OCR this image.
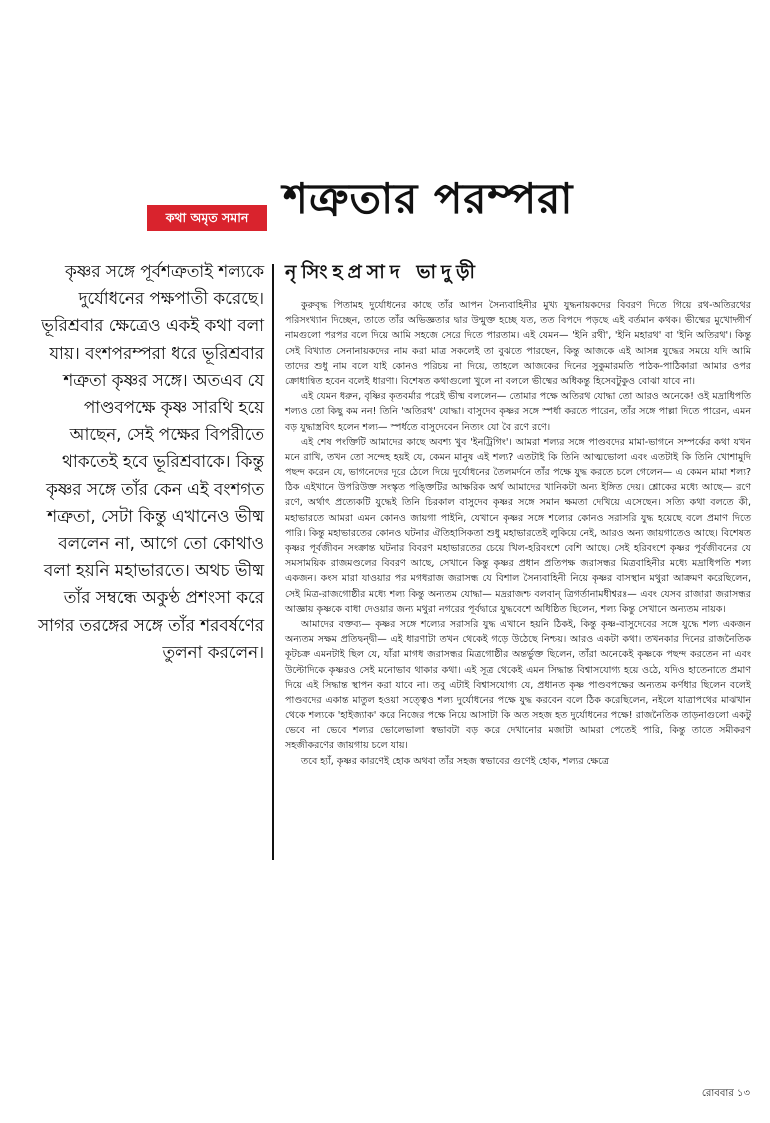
কথা অমৃত সমান শত্রুতার পরম্পরা
নৃসিংহপ্রসাদ ভাদুড়ী

কৃষ্ণর সঙ্গে পূর্বশত্রুতাই শল্যকে দুর্যোধনের পক্ষপাতী করেছে। ভূরিশ্রবার ক্ষেত্রেও একই কথা বলা যায়। বংশপরম্পরা ধরে ভূরিশ্রবার শত্রুতা কৃষ্ণর সঙ্গে। অতএব যে পাণ্ডবপক্ষে কৃষ্ণ সারথি হয়ে আছেন, সেই পক্ষের বিপরীতে থাকতেই হবে ভূরিশ্রবাকে। কিন্তু কৃষ্ণর সঙ্গে তাঁর কেন এই বংশগত শত্রুতা, সেটা কিন্তু এখানেও ভীষ্ম বললেন না, আগে তো কোথাও বলা হয়নি মহাভারতে। অথচ ভীষ্ম তাঁর সম্বন্ধে অকুণ্ঠ প্রশংসা করে সাগর তরঙ্গের সঙ্গে তাঁর শরবর্ষণের তুলনা করলেন।

কুরুবৃদ্ধ পিতামহ দুর্যোধনের কাছে তাঁর আপন সৈন্যবাহিনীর মুখ্য যুদ্ধনায়কদের বিবরণ দিতে গিয়ে রথ-অতিরথের পরিসংখ্যান দিচ্ছেন, তাতে তাঁর অভিজ্ঞতার দ্বার উন্মুক্ত হচ্ছে যত, তত বিপদে পড়ছে এই বর্তমান কথক। ভীষ্মের মুখোদ্গীর্ণ নামগুলো পরপর বলে দিয়ে আমি সহজে সেরে দিতে পারতাম। এই যেমন— 'ইনি রথী', 'ইনি মহারথ' বা 'ইনি অতিরথ'। কিন্তু সেই বিখ্যাত সেনানায়কদের নাম করা মাত্র সকলেই তা বুঝতে পারছেন, কিন্তু আজকে এই আসন্ন যুদ্ধের সময়ে যদি আমি তাদের শুধু নাম বলে যাই কোনও পরিচয় না দিয়ে, তাহলে আজকের দিনের সুকুমারমতি পাঠক-পাঠিকারা আমার ওপর ক্রোধান্বিত হবেন বলেই ধারণা। বিশেষত কথাগুলো খুলে না বললে ভীষ্মের অধিকন্তু হিসেবটুকুও বোঝা যাবে না।

এই যেমন ধরুন, বৃষ্ণির কৃতবর্মার পরেই ভীষ্ম বললেন— তোমার পক্ষে অতিরথ যোদ্ধা তো আরও অনেকে! ওই মদ্রাধিপতি শল্যও তো কিছু কম নন! তিনি 'অতিরথ' যোদ্ধা। বাসুদেব কৃষ্ণর সঙ্গে স্পর্ধা করতে পারেন, তাঁর সঙ্গে পাল্লা দিতে পারেন, এমন বড় যুদ্ধাস্ত্রবিৎ হলেন শল্য— স্পর্ধতে বাসুদেবেন নিত্যং যো বৈ রণে রণে।

এই শেষ পংক্তিটি আমাদের কাছে অবশ্য খুব 'ইনট্রিগিং'। আমরা শল্যর সঙ্গে পাণ্ডবদের মামা-ভাগনে সম্পর্কের কথা যখন মনে রাখি, তখন তো সন্দেহ হয়ই যে, কেমন মানুষ এই শল্য? এতটাই কি তিনি আত্মভোলা এবং এতটাই কি তিনি খোশামুদি পছন্দ করেন যে, ভাগনেদের দূরে ঠেলে দিয়ে দুর্যোধনের তৈলমর্দনে তাঁর পক্ষে যুদ্ধ করতে চলে গেলেন— এ কেমন মামা শল্য? ঠিক এইখানে উপরিউক্ত সংস্কৃত পঙ্ক্তিটির আক্ষরিক অর্থ আমাদের খানিকটা অন্য ইঙ্গিত দেয়। শ্লোকের মধ্যে আছে— রণে রণে, অর্থাৎ প্রত্যেকটি যুদ্ধেই তিনি চিরকাল বাসুদেব কৃষ্ণর সঙ্গে সমান ক্ষমতা দেখিয়ে এসেছেন। সত্যি কথা বলতে কী, মহাভারতে আমরা এমন কোনও জায়গা পাইনি, যেখানে কৃষ্ণর সঙ্গে শল্যের কোনও সরাসরি যুদ্ধ হয়েছে বলে প্রমাণ দিতে পারি। কিন্তু মহাভারতের কোনও ঘটনার ঐতিহাসিকতা শুধু মহাভারতেই লুকিয়ে নেই, আরও অন্য জায়গাতেও আছে। বিশেষত কৃষ্ণর পূর্বজীবন সংক্রান্ত ঘটনার বিবরণ মহাভারতের চেয়ে খিল-হরিবংশে বেশি আছে। সেই হরিবংশে কৃষ্ণর পূর্বজীবনের যে সমসাময়িক রাজমণ্ডলের বিবরণ আছে, সেখানে কিন্তু কৃষ্ণর প্রধান প্রতিপক্ষ জরাসন্ধর মিত্রবাহিনীর মধ্যে মদ্রাধিপতি শল্য একজন। কংস মারা যাওয়ার পর মগধরাজ জরাসন্ধ যে বিশাল সৈন্যবাহিনী নিয়ে কৃষ্ণর বাসস্থান মথুরা আক্রমণ করেছিলেন, সেই মিত্র-রাজগোষ্ঠীর মধ্যে শল্য কিন্তু অন্যতম যোদ্ধা— মদ্ররাজশ্চ বলবান্‌ ত্রিগর্তানামধীশ্বরঃ— এবং যেসব রাজারা জরাসন্ধর আজ্ঞায় কৃষ্ণকে বাধা দেওয়ার জন্য মথুরা নগরের পূর্বদ্বারে যুদ্ধবেশে অধিষ্ঠিত ছিলেন, শল্য কিন্তু সেখানে অন্যতম নায়ক।

আমাদের বক্তব্য— কৃষ্ণর সঙ্গে শল্যের সরাসরি যুদ্ধ এখানে হয়নি ঠিকই, কিন্তু কৃষ্ণ-বাসুদেবের সঙ্গে যুদ্ধে শল্য একজন অন্যতম সক্ষম প্রতিদ্বন্দ্বী— এই ধারণাটা তখন থেকেই গড়ে উঠেছে নিশ্চয়। আরও একটা কথা। তখনকার দিনের রাজনৈতিক কূটচক্র এমনটাই ছিল যে, যাঁরা মাগধ জরাসন্ধর মিত্রগোষ্ঠীর অন্তর্ভুক্ত ছিলেন, তাঁরা অনেকেই কৃষ্ণকে পছন্দ করতেন না এবং উল্টোদিকে কৃষ্ণরও সেই মনোভাব থাকার কথা। এই সূত্র থেকেই এমন সিদ্ধান্ত বিশ্বাসযোগ্য হয়ে ওঠে, যদিও হাতেনাতে প্রমাণ দিয়ে এই সিদ্ধান্ত স্থাপন করা যাবে না। তবু এটাই বিশ্বাসযোগ্য যে, প্রধানত কৃষ্ণ পাণ্ডবপক্ষের অন্যতম কর্ণধার ছিলেন বলেই পাণ্ডবদের একান্ত মাতুল হওয়া সত্ত্বেও শল্য দুর্যোধনের পক্ষে যুদ্ধ করবেন বলে ঠিক করেছিলেন, নইলে যাত্রাপথের মাঝখান থেকে শল্যকে 'হাইজ্যাক' করে নিজের পক্ষে নিয়ে আসাটা কি অত সহজ হত দুর্যোধনের পক্ষে! রাজনৈতিক তাড়নাগুলো একটু ভেবে না ভেবে শল্যর ভোলেভালা স্বভাবটা বড় করে দেখানোর মজাটা আমরা পেতেই পারি, কিন্তু তাতে সমীকরণ সহজীকরণের জায়গায় চলে যায়।

তবে হ্যাঁ, কৃষ্ণর কারণেই হোক অথবা তাঁর সহজ স্বভাবের গুণেই হোক, শল্যর ক্ষেত্রে

রোববার ১৩
